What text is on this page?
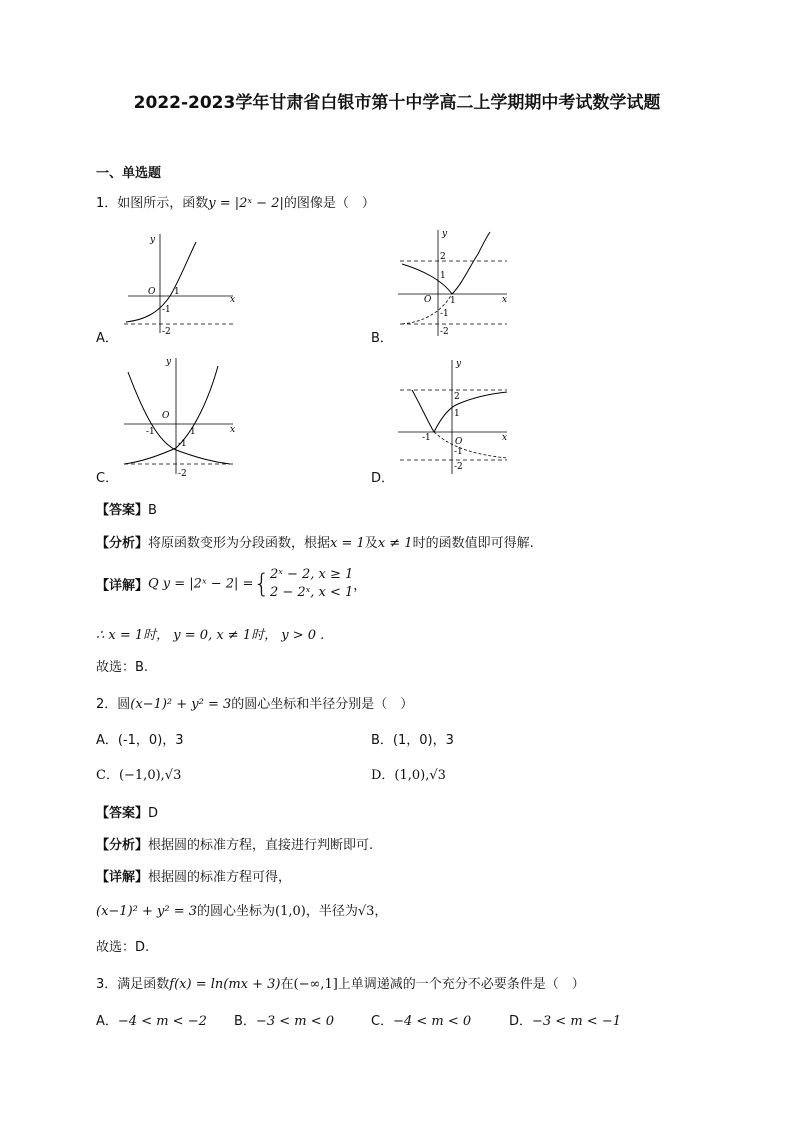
2022-2023学年甘肃省白银市第十中学高二上学期期中考试数学试题
一、单选题
1．如图所示，函数y = |2ˣ − 2|的图像是（　）
y
x
O 1
-1
-2
A．
y
x
O 1
2
1
-1
-2
B．
y
x
O
-1	1
-1
-2
C．
y
x
O
-1
2
1
-1
-2
D．
【答案】B
【分析】将原函数变形为分段函数，根据x = 1及x ≠ 1时的函数值即可得解.
【详解】Q y = |2ˣ − 2| ={ 2ˣ − 2, x ≥ 1
2 − 2ˣ, x < 1 ，
∴ x = 1时， y = 0, x ≠ 1时， y > 0 .
故选：B.
2．圆(x−1)² + y² = 3的圆心坐标和半径分别是（　）
A．(-1，0)，3	B．(1，0)，3
C．(−1,0),√3	D．(1,0),√3
【答案】D
【分析】根据圆的标准方程，直接进行判断即可.
【详解】根据圆的标准方程可得，
(x−1)² + y² = 3的圆心坐标为(1,0)，半径为√3，
故选：D.
3．满足函数f(x) = ln(mx + 3)在(−∞,1]上单调递减的一个充分不必要条件是（　）
A．−4 < m < −2 B．−3 < m < 0	C．−4 < m < 0	D．−3 < m < −1
